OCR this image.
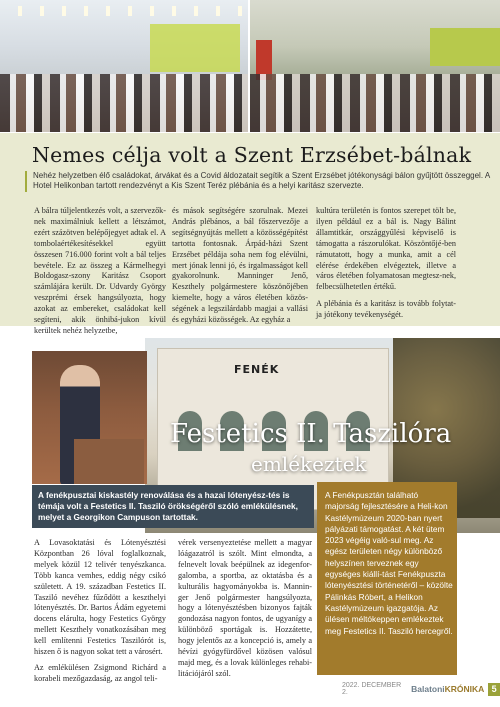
Nemes célja volt a Szent Erzsébet-bálnak

Nehéz helyzetben élő családokat, árvákat és a Covid áldozatait segítik a Szent Erzsébet jótékonysági bálon gyűjtött összeggel. A Hotel Helikonban tartott rendezvényt a Kis Szent Teréz plébánia és a helyi karitász szervezte.

A bálra túljelentkezés volt, a szervezők-nek maximálniuk kellett a létszámot, ezért százötven belépőjegyet adtak el. A tombolaértékesítésekkel együtt összesen 716.000 forint volt a bál teljes bevétele. Ez az összeg a Kármelhegyi Boldogasz-szony Karitász Csoport számlájára került. Dr. Udvardy György veszprémi érsek hangsúlyozta, hogy azokat az embereket, családokat kell segíteni, akik önhibá-jukon kívül kerültek nehéz helyzetbe,

és mások segítségére szorulnak. Mezei András plébános, a bál főszervezője a segítségnyújtás mellett a közösségépítést tartotta fontosnak. Árpád-házi Szent Erzsébet példája soha nem fog elévülni, mert jónak lenni jó, és irgalmasságot kell gyakorolnunk. Manninger Jenő, Keszthely polgármestere köszönőjében kiemelte, hogy a város életében közös-ségének a legszilárdabb magjai a vallási és egyházi közösségek. Az egyház a

kultúra területén is fontos szerepet tölt be, ilyen például ez a bál is. Nagy Bálint államtitkár, országgyűlési képviselő is támogatta a rászorulókat. Köszöntőjé-ben rámutatott, hogy a munka, amit a cél elérése érdekében elvégeztek, illetve a város életében folyamatosan megtesz-nek, felbecsülhetetlen értékű.

A plébánia és a karitász is tovább folytat-ja jótékony tevékenységét.

FENÉK
Festetics II. Taszilóra
emlékeztek

A fenékpusztai kiskastély renoválása és a hazai lótenyész-tés is témája volt a Festetics II. Tasziló örökségéről szóló emlékülésnek, melyet a Georgikon Campuson tartottak.

A Lovasoktatási és Lótenyésztési Központban 26 lóval foglalkoznak, melyek közül 12 telivér tenyészkanca. Több kanca vemhes, eddig négy csikó született. A 19. században Festetics II. Tasziló nevéhez fűződött a keszthelyi lótenyésztés. Dr. Bartos Ádám egyetemi docens elárulta, hogy Festetics György mellett Keszthely vonatkozásában meg kell említenni Festetics Taszilórót is, hiszen ő is nagyon sokat tett a városért.

Az emlékülésen Zsigmond Richárd a korabeli mezőgazdaság, az angol teli-

vérek versenyeztetése mellett a magyar lóágazatról is szólt. Mint elmondta, a felnevelt lovak beépülnek az idegenfor-galomba, a sportba, az oktatásba és a kulturális hagyományokba is. Mannin-ger Jenő polgármester hangsúlyozta, hogy a lótenyésztésben bizonyos fajták gondozása nagyon fontos, de ugyanígy a különböző sportágak is. Hozzátette, hogy jelentős az a koncepció is, amely a hévízi gyógyfürdővel közösen valósul majd meg, és a lovak különleges rehabi-litációjáról szól.

A Fenékpusztán található majorság fejlesztésére a Heli-kon Kastélymúzeum 2020-ban nyert pályázati támogatást. A két ütem 2023 végéig való-sul meg. Az egész területen négy különböző helyszínen terveznek egy egységes kiállí-tást Fenékpuszta lótenyésztési történetéről – közölte Pálinkás Róbert, a Helikon Kastélymúzeum igazgatója. Az ülésen méltókeppen emlékeztek meg Festetics II. Tasziló hercegről.

2022. DECEMBER 2.	BalatoniKRÓNIKA 5
